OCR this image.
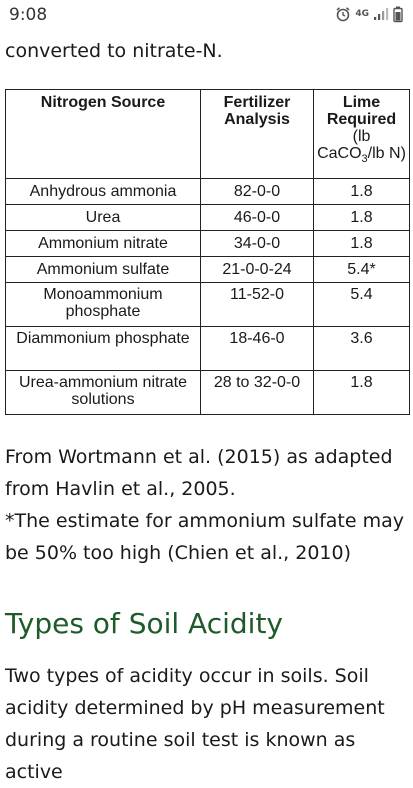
9:08	4G
converted to nitrate-N.
Nitrogen Source	Fertilizer Analysis	Lime Required
(lb CaCO$_3$/lb N)

Anhydrous ammonia	82-0-0	1.8
Urea	46-0-0	1.8
Ammonium nitrate	34-0-0	1.8
Ammonium sulfate	21-0-0-24	5.4*
Monoammonium phosphate	11-52-0	5.4
Diammonium phosphate	18-46-0	3.6
Urea-ammonium nitrate solutions	28 to 32-0-0	1.8
From Wortmann et al. (2015) as adapted from Havlin et al., 2005.
*The estimate for ammonium sulfate may be 50% too high (Chien et al., 2010)
Types of Soil Acidity
Two types of acidity occur in soils. Soil acidity determined by pH measurement during a routine soil test is known as active
